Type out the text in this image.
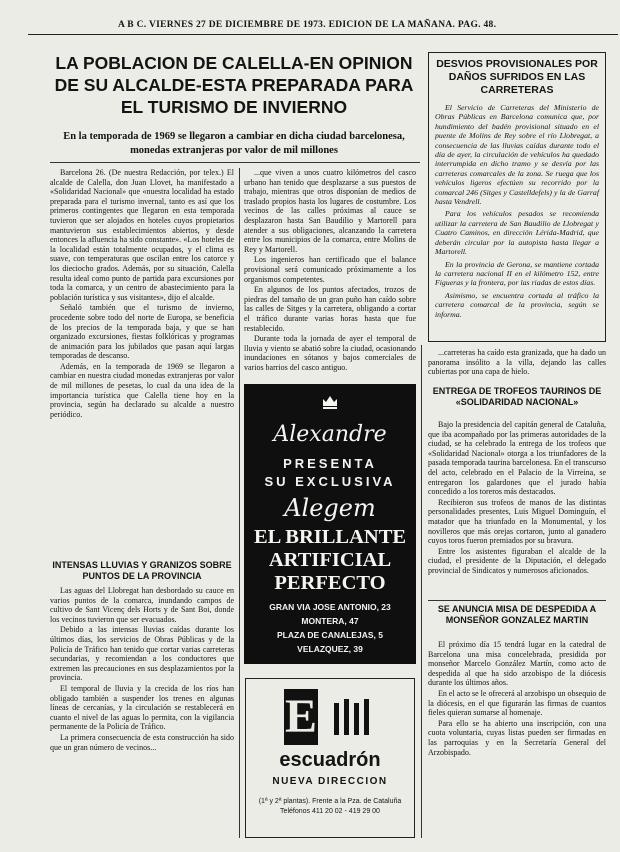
A B C. VIERNES 27 DE DICIEMBRE DE 1973. EDICION DE LA MAÑANA. PAG. 48.
LA POBLACION DE CALELLA-EN OPINION DE SU ALCALDE-ESTA PREPARADA PARA EL TURISMO DE INVIERNO
En la temporada de 1969 se llegaron a cambiar en dicha ciudad barcelonesa, monedas extranjeras por valor de mil millones

Barcelona 26. (De nuestra Redacción, por telex.) El alcalde de Calella, don Juan Llovet, ha manifestado a «Solidaridad Nacional» que «nuestra localidad ha estado preparada para el turismo invernal, tanto es así que los primeros contingentes que llegaron en esta temporada tuvieron que ser alojados en hoteles cuyos propietarios mantuvieron sus establecimientos abiertos, y desde entonces la afluencia ha sido constante». «Los hoteles de la localidad están totalmente ocupados, y el clima es suave, con temperaturas que oscilan entre los catorce y los dieciocho grados. Además, por su situación, Calella resulta ideal como punto de partida para excursiones por toda la comarca, y un centro de abastecimiento para la población turística y sus visitantes», dijo el alcalde.

Señaló también que el turismo de invierno, procedente sobre todo del norte de Europa, se beneficia de los precios de la temporada baja, y que se han organizado excursiones, fiestas folklóricas y programas de animación para los jubilados que pasan aquí largas temporadas de descanso.

Además, en la temporada de 1969 se llegaron a cambiar en nuestra ciudad monedas extranjeras por valor de mil millones de pesetas, lo cual da una idea de la importancia turística que Calella tiene hoy en la provincia, según ha declarado su alcalde a nuestro periódico.

INTENSAS LLUVIAS Y GRANIZOS SOBRE PUNTOS DE LA PROVINCIA

Las aguas del Llobregat han desbordado su cauce en varios puntos de la comarca, inundando campos de cultivo de Sant Vicenç dels Horts y de Sant Boi, donde los vecinos tuvieron que ser evacuados.

Debido a las intensas lluvias caídas durante los últimos días, los servicios de Obras Públicas y de la Policía de Tráfico han tenido que cortar varias carreteras secundarias, y recomiendan a los conductores que extremen las precauciones en sus desplazamientos por la provincia.

El temporal de lluvia y la crecida de los ríos han obligado también a suspender los trenes en algunas líneas de cercanías, y la circulación se restablecerá en cuanto el nivel de las aguas lo permita, con la vigilancia permanente de la Policía de Tráfico.

La primera consecuencia de esta construcción ha sido que un gran número de vecinos...

...que viven a unos cuatro kilómetros del casco urbano han tenido que desplazarse a sus puestos de trabajo, mientras que otros disponían de medios de traslado propios hasta los lugares de costumbre. Los vecinos de las calles próximas al cauce se desplazaron hasta San Baudilio y Martorell para atender a sus obligaciones, alcanzando la carretera entre los municipios de la comarca, entre Molins de Rey y Martorell.

Los ingenieros han certificado que el balance provisional será comunicado próximamente a los organismos competentes.

En algunos de los puntos afectados, trozos de piedras del tamaño de un gran puño han caído sobre las calles de Sitges y la carretera, obligando a cortar el tráfico durante varias horas hasta que fue restablecido.

Durante toda la jornada de ayer el temporal de lluvia y viento se abatió sobre la ciudad, ocasionando inundaciones en sótanos y bajos comerciales de varios barrios del casco antiguo.

DESVIOS PROVISIONALES POR DAÑOS SUFRIDOS EN LAS CARRETERAS

El Servicio de Carreteras del Ministerio de Obras Públicas en Barcelona comunica que, por hundimiento del badén provisional situado en el puente de Molins de Rey sobre el río Llobregat, a consecuencia de las lluvias caídas durante todo el día de ayer, la circulación de vehículos ha quedado interrumpida en dicho tramo y se desvía por las carreteras comarcales de la zona. Se ruega que los vehículos ligeros efectúen su recorrido por la comarcal 246 (Sitges y Castelldefels) y la de Garraf hasta Vendrell.

Para los vehículos pesados se recomienda utilizar la carretera de San Baudilio de Llobregat y Cuatro Caminos, en dirección Lérida-Madrid, que deberán circular por la autopista hasta llegar a Martorell.

En la provincia de Gerona, se mantiene cortada la carretera nacional II en el kilómetro 152, entre Figueras y la frontera, por las riadas de estos días.

Asimismo, se encuentra cortada al tráfico la carretera comarcal de la provincia, según se informa.

...carreteras ha caído esta granizada, que ha dado un panorama insólito a la villa, dejando las calles cubiertas por una capa de hielo.

ENTREGA DE TROFEOS TAURINOS DE «SOLIDARIDAD NACIONAL»

Bajo la presidencia del capitán general de Cataluña, que iba acompañado por las primeras autoridades de la ciudad, se ha celebrado la entrega de los trofeos que «Solidaridad Nacional» otorga a los triunfadores de la pasada temporada taurina barcelonesa. En el transcurso del acto, celebrado en el Palacio de la Virreina, se entregaron los galardones que el jurado había concedido a los toreros más destacados.

Recibieron sus trofeos de manos de las distintas personalidades presentes, Luis Miguel Dominguín, el matador que ha triunfado en la Monumental, y los novilleros que más orejas cortaron, junto al ganadero cuyos toros fueron premiados por su bravura.

Entre los asistentes figuraban el alcalde de la ciudad, el presidente de la Diputación, el delegado provincial de Sindicatos y numerosos aficionados.

SE ANUNCIA MISA DE DESPEDIDA A MONSEÑOR GONZALEZ MARTIN

El próximo día 15 tendrá lugar en la catedral de Barcelona una misa concelebrada, presidida por monseñor Marcelo González Martín, como acto de despedida al que ha sido arzobispo de la diócesis durante los últimos años.

En el acto se le ofrecerá al arzobispo un obsequio de la diócesis, en el que figurarán las firmas de cuantos fieles quieran sumarse al homenaje.

Para ello se ha abierto una inscripción, con una cuota voluntaria, cuyas listas pueden ser firmadas en las parroquias y en la Secretaría General del Arzobispado.

Alexandre
PRESENTA
SU EXCLUSIVA
Alegem
EL BRILLANTE
ARTIFICIAL
PERFECTO
GRAN VIA JOSE ANTONIO, 23
MONTERA, 47
PLAZA DE CANALEJAS, 5
VELAZQUEZ, 39
E
escuadrón
NUEVA DIRECCION
(1ª y 2ª plantas). Frente a la Pza. de Cataluña
Teléfonos 411 20 02 - 419 29 00
